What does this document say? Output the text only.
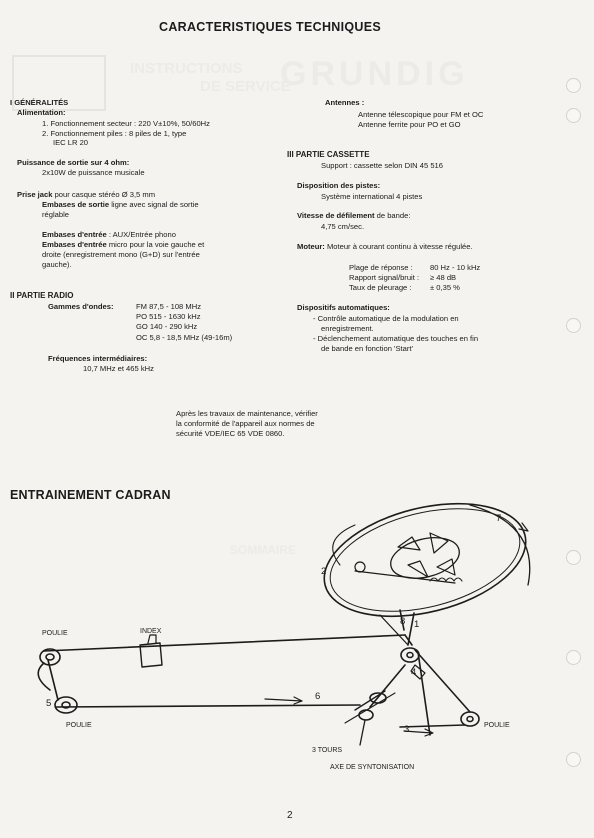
GRUNDIG
INSTRUCTIONS
DE SERVICE
SOMMAIRE
CARACTERISTIQUES TECHNIQUES
I GÉNÉRALITÉS
Alimentation:
1. Fonctionnement secteur : 220 V±10%, 50/60Hz
2. Fonctionnement piles : 8 piles de 1, type
IEC LR 20
Puissance de sortie sur 4 ohm:
2x10W de puissance musicale
Prise jack pour casque stéréo Ø 3,5 mm
Embases de sortie ligne avec signal de sortie
réglable
Embases d'entrée : AUX/Entrée phono
Embases d'entrée micro pour la voie gauche et
droite (enregistrement mono (G+D) sur l'entrée
gauche).
II PARTIE RADIO
Gammes d'ondes:	FM 87,5 - 108 MHz
PO 515 - 1630 kHz
GO 140 - 290 kHz
OC 5,8 - 18,5 MHz (49-16m)
Fréquences intermédiaires:
10,7 MHz et 465 kHz
Antennes :
Antenne télescopique pour FM et OC
Antenne ferrite pour PO et GO
III PARTIE CASSETTE
Support : cassette selon DIN 45 516
Disposition des pistes:
Système international 4 pistes
Vitesse de défilement de bande:
4,75 cm/sec.
Moteur: Moteur à courant continu à vitesse régulée.
Plage de réponse : 80 Hz - 10 kHz
Rapport signal/bruit : ≥ 48 dB
Taux de pleurage : ± 0,35 %
Dispositifs automatiques:
- Contrôle automatique de la modulation en
enregistrement.
- Déclenchement automatique des touches en fin
de bande en fonction 'Start'
Après les travaux de maintenance, vérifier
la conformité de l'appareil aux normes de
sécurité VDE/IEC 65 VDE 0860.
ENTRAINEMENT CADRAN
POULIE	INDEX
POULIE	POULIE
3 TOURS
AXE DE SYNTONISATION
1
2
3
4
5
6
7
8
2
